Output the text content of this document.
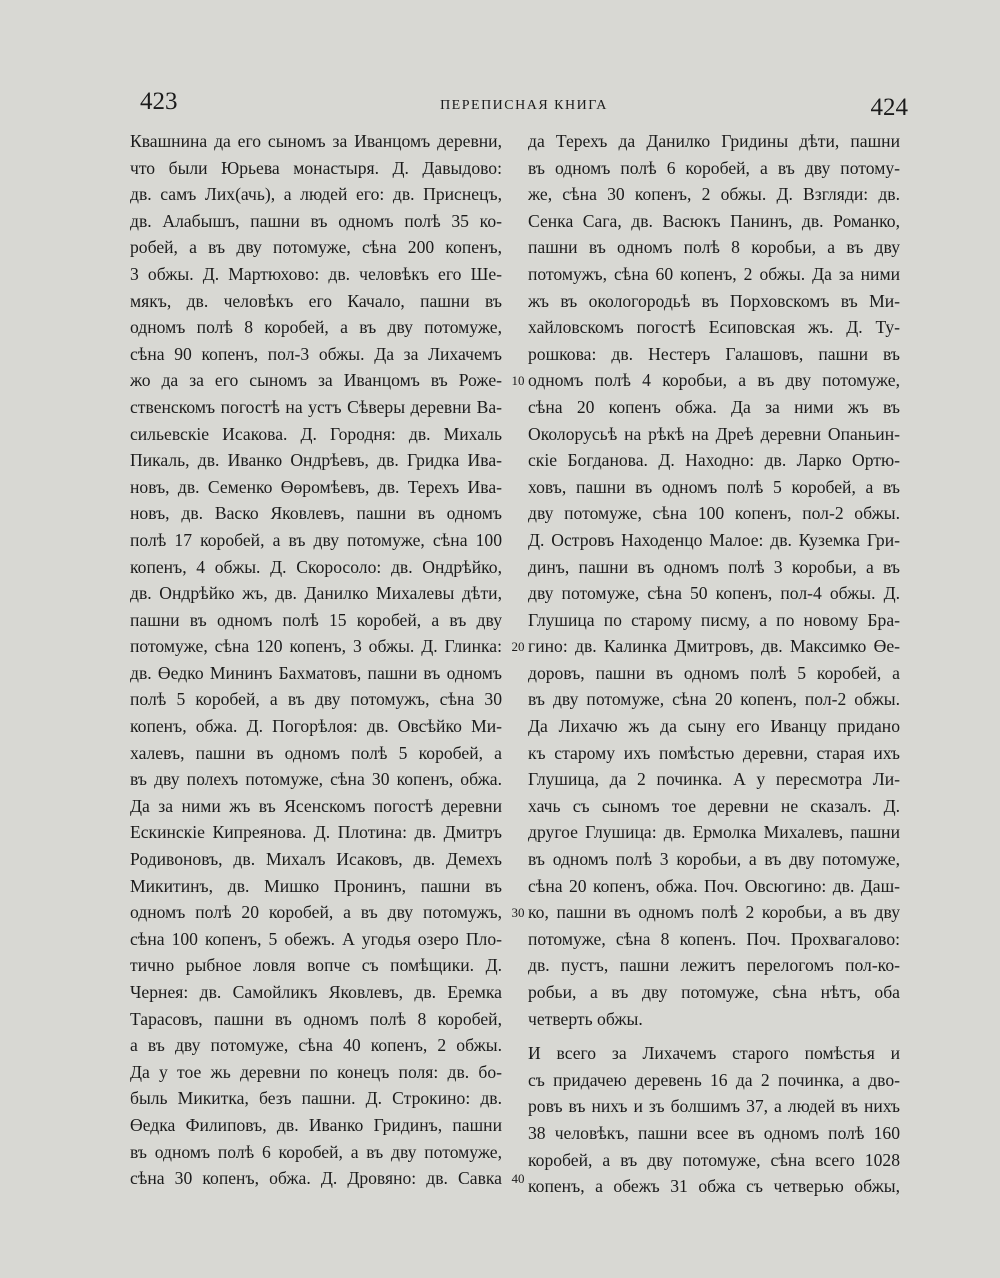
423	ПЕРЕПИСНАЯ КНИГА	424
Квашнина да его сыномъ за Иванцомъ деревни,
что были Юрьева монастыря. Д. Давыдово:
дв. самъ Лих(ачь), а людей его: дв. Приснецъ,
дв. Алабышъ, пашни въ одномъ полѣ 35 ко-
робей, а въ дву потомуже, сѣна 200 копенъ,
3 обжы. Д. Мартюхово: дв. человѣкъ его Ше-
мякъ, дв. человѣкъ его Качало, пашни въ
одномъ полѣ 8 коробей, а въ дву потомуже,
сѣна 90 копенъ, пол-3 обжы. Да за Лихачемъ
жо да за его сыномъ за Иванцомъ въ Роже-
ственскомъ погостѣ на устъ Сѣверы деревни Ва-
сильевскіе Исакова. Д. Городня: дв. Михаль
Пикаль, дв. Иванко Ондрѣевъ, дв. Гридка Ива-
новъ, дв. Семенко Өөромѣевъ, дв. Терехъ Ива-
новъ, дв. Васко Яковлевъ, пашни въ одномъ
полѣ 17 коробей, а въ дву потомуже, сѣна 100
копенъ, 4 обжы. Д. Скоросоло: дв. Ондрѣйко,
дв. Ондрѣйко жъ, дв. Данилко Михалевы дѣти,
пашни въ одномъ полѣ 15 коробей, а въ дву
потомуже, сѣна 120 копенъ, 3 обжы. Д. Глинка:
дв. Өедко Мининъ Бахматовъ, пашни въ одномъ
полѣ 5 коробей, а въ дву потомужъ, сѣна 30
копенъ, обжа. Д. Погорѣлоя: дв. Овсѣйко Ми-
халевъ, пашни въ одномъ полѣ 5 коробей, а
въ дву полехъ потомуже, сѣна 30 копенъ, обжа.
Да за ними жъ въ Ясенскомъ погостѣ деревни
Ескинскіе Кипреянова. Д. Плотина: дв. Дмитръ
Родивоновъ, дв. Михалъ Исаковъ, дв. Демехъ
Микитинъ, дв. Мишко Пронинъ, пашни въ
одномъ полѣ 20 коробей, а въ дву потомужъ,
сѣна 100 копенъ, 5 обежъ. А угодья озеро Пло-
тично рыбное ловля вопче съ помѣщики. Д.
Чернея: дв. Самойликъ Яковлевъ, дв. Еремка
Тарасовъ, пашни въ одномъ полѣ 8 коробей,
а въ дву потомуже, сѣна 40 копенъ, 2 обжы.
Да у тое жь деревни по конецъ поля: дв. бо-
быль Микитка, безъ пашни. Д. Строкино: дв.
Өедка Филиповъ, дв. Иванко Гридинъ, пашни
въ одномъ полѣ 6 коробей, а въ дву потомуже,
сѣна 30 копенъ, обжа. Д. Дровяно: дв. Савка
да Терехъ да Данилко Гридины дѣти, пашни
въ одномъ полѣ 6 коробей, а въ дву потому-
же, сѣна 30 копенъ, 2 обжы. Д. Взгляди: дв.
Сенка Сага, дв. Васюкъ Панинъ, дв. Романко,
пашни въ одномъ полѣ 8 коробьи, а въ дву
потомужъ, сѣна 60 копенъ, 2 обжы. Да за ними
жъ въ окологородьѣ въ Порховскомъ въ Ми-
хайловскомъ погостѣ Есиповская жъ. Д. Ту-
рошкова: дв. Нестеръ Галашовъ, пашни въ
одномъ полѣ 4 коробьи, а въ дву потомуже,
сѣна 20 копенъ обжа. Да за ними жъ въ
Околорусьѣ на рѣкѣ на Дреѣ деревни Опаньин-
скіе Богданова. Д. Находно: дв. Ларко Ортю-
ховъ, пашни въ одномъ полѣ 5 коробей, а въ
дву потомуже, сѣна 100 копенъ, пол-2 обжы.
Д. Островъ Находенцо Малое: дв. Куземка Гри-
динъ, пашни въ одномъ полѣ 3 коробьи, а въ
дву потомуже, сѣна 50 копенъ, пол-4 обжы. Д.
Глушица по старому писму, а по новому Бра-
гино: дв. Калинка Дмитровъ, дв. Максимко Өе-
доровъ, пашни въ одномъ полѣ 5 коробей, а
въ дву потомуже, сѣна 20 копенъ, пол-2 обжы.
Да Лихачю жъ да сыну его Иванцу придано
къ старому ихъ помѣстью деревни, старая ихъ
Глушица, да 2 починка. А у пересмотра Ли-
хачь съ сыномъ тое деревни не сказалъ. Д.
другое Глушица: дв. Ермолка Михалевъ, пашни
въ одномъ полѣ 3 коробьи, а въ дву потомуже,
сѣна 20 копенъ, обжа. Поч. Овсюгино: дв. Даш-
ко, пашни въ одномъ полѣ 2 коробьи, а въ дву
потомуже, сѣна 8 копенъ. Поч. Прохвагалово:
дв. пустъ, пашни лежитъ перелогомъ пол-ко-
робьи, а въ дву потомуже, сѣна нѣтъ, оба
четверть обжы.
И всего за Лихачемъ старого помѣстья и
съ придачею деревень 16 да 2 починка, а дво-
ровъ въ нихъ и зъ болшимъ 37, а людей въ нихъ
38 человѣкъ, пашни всее въ одномъ полѣ 160
коробей, а въ дву потомуже, сѣна всего 1028
копенъ, а обежъ 31 обжа съ четверью обжы,
10
20
30
40
